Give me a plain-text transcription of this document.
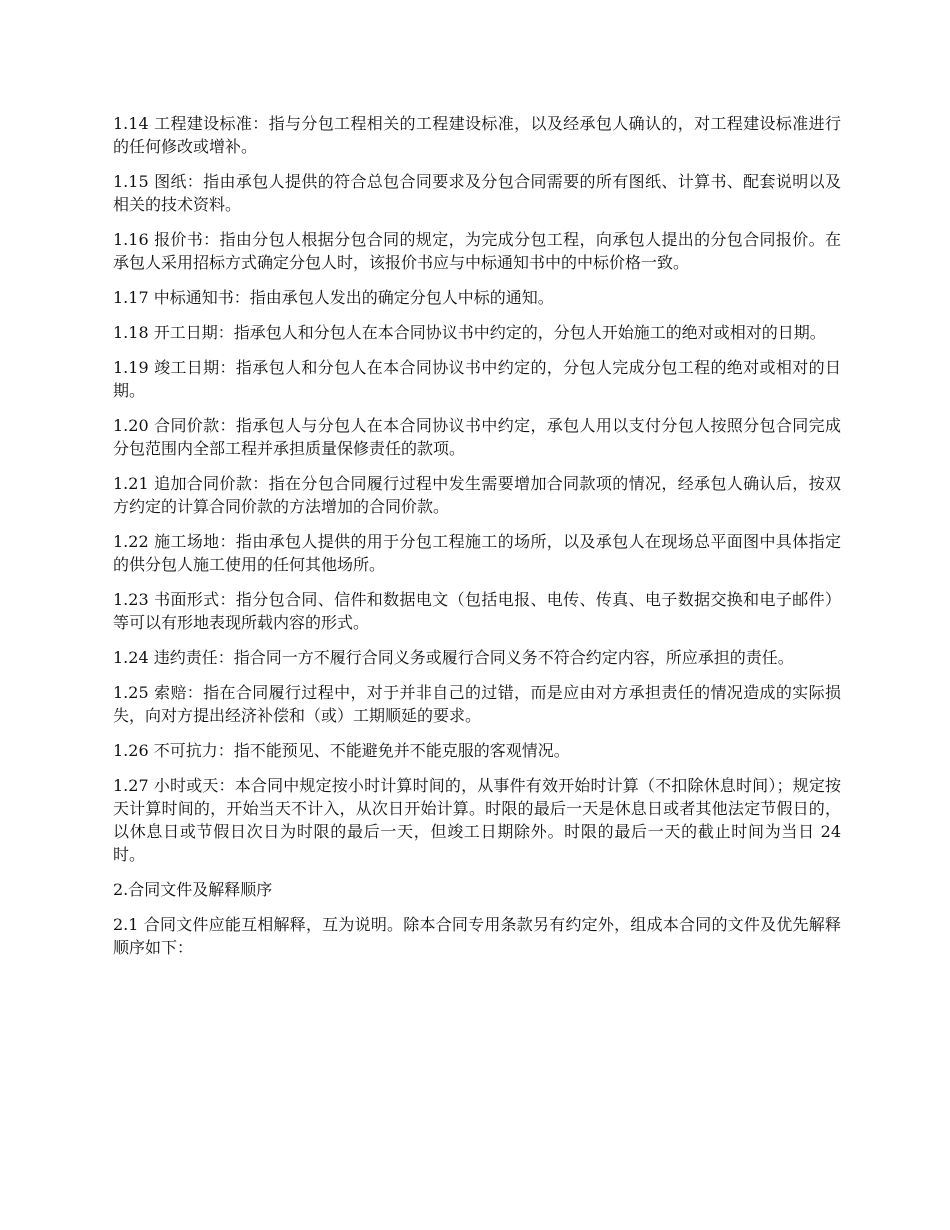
1.14 工程建设标准：指与分包工程相关的工程建设标准，以及经承包人确认的，对工程建设标准进行的任何修改或增补。

1.15 图纸：指由承包人提供的符合总包合同要求及分包合同需要的所有图纸、计算书、配套说明以及相关的技术资料。

1.16 报价书：指由分包人根据分包合同的规定，为完成分包工程，向承包人提出的分包合同报价。在承包人采用招标方式确定分包人时，该报价书应与中标通知书中的中标价格一致。

1.17 中标通知书：指由承包人发出的确定分包人中标的通知。

1.18 开工日期：指承包人和分包人在本合同协议书中约定的，分包人开始施工的绝对或相对的日期。

1.19 竣工日期：指承包人和分包人在本合同协议书中约定的，分包人完成分包工程的绝对或相对的日期。

1.20 合同价款：指承包人与分包人在本合同协议书中约定，承包人用以支付分包人按照分包合同完成分包范围内全部工程并承担质量保修责任的款项。

1.21 追加合同价款：指在分包合同履行过程中发生需要增加合同款项的情况，经承包人确认后，按双方约定的计算合同价款的方法增加的合同价款。

1.22 施工场地：指由承包人提供的用于分包工程施工的场所，以及承包人在现场总平面图中具体指定的供分包人施工使用的任何其他场所。

1.23 书面形式：指分包合同、信件和数据电文（包括电报、电传、传真、电子数据交换和电子邮件）等可以有形地表现所载内容的形式。

1.24 违约责任：指合同一方不履行合同义务或履行合同义务不符合约定内容，所应承担的责任。

1.25 索赔：指在合同履行过程中，对于并非自己的过错，而是应由对方承担责任的情况造成的实际损失，向对方提出经济补偿和（或）工期顺延的要求。

1.26 不可抗力：指不能预见、不能避免并不能克服的客观情况。

1.27 小时或天：本合同中规定按小时计算时间的，从事件有效开始时计算（不扣除休息时间）；规定按天计算时间的，开始当天不计入，从次日开始计算。时限的最后一天是休息日或者其他法定节假日的，以休息日或节假日次日为时限的最后一天，但竣工日期除外。时限的最后一天的截止时间为当日 24 时。

2.合同文件及解释顺序

2.1 合同文件应能互相解释，互为说明。除本合同专用条款另有约定外，组成本合同的文件及优先解释顺序如下：
